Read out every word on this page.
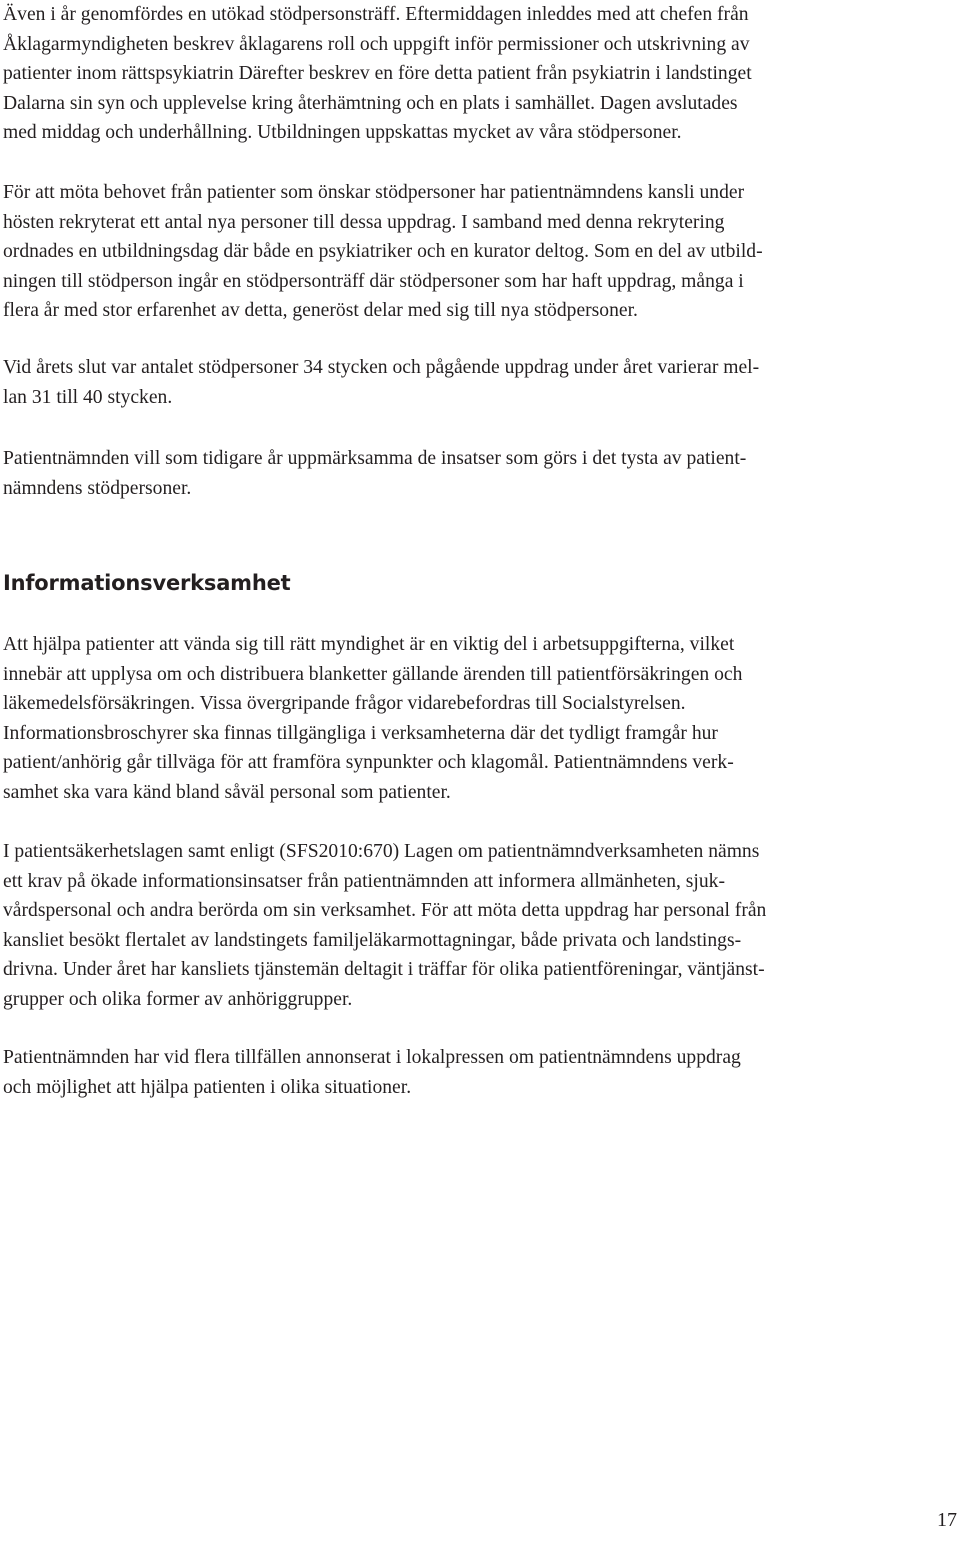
Även i år genomfördes en utökad stödpersonsträff. Eftermiddagen inleddes med att chefen från
Åklagarmyndigheten beskrev åklagarens roll och uppgift inför permissioner och utskrivning av
patienter inom rättspsykiatrin Därefter beskrev en före detta patient från psykiatrin i landstinget
Dalarna sin syn och upplevelse kring återhämtning och en plats i samhället. Dagen avslutades
med middag och underhållning. Utbildningen uppskattas mycket av våra stödpersoner.

För att möta behovet från patienter som önskar stödpersoner har patientnämndens kansli under
hösten rekryterat ett antal nya personer till dessa uppdrag. I samband med denna rekrytering
ordnades en utbildningsdag där både en psykiatriker och en kurator deltog. Som en del av utbild-
ningen till stödperson ingår en stödpersonträff där stödpersoner som har haft uppdrag, många i
flera år med stor erfarenhet av detta, generöst delar med sig till nya stödpersoner.

Vid årets slut var antalet stödpersoner 34 stycken och pågående uppdrag under året varierar mel-
lan 31 till 40 stycken.

Patientnämnden vill som tidigare år uppmärksamma de insatser som görs i det tysta av patient-
nämndens stödpersoner.

Informationsverksamhet

Att hjälpa patienter att vända sig till rätt myndighet är en viktig del i arbetsuppgifterna, vilket
innebär att upplysa om och distribuera blanketter gällande ärenden till patientförsäkringen och
läkemedelsförsäkringen. Vissa övergripande frågor vidarebefordras till Socialstyrelsen.
Informationsbroschyrer ska finnas tillgängliga i verksamheterna där det tydligt framgår hur
patient/anhörig går tillväga för att framföra synpunkter och klagomål. Patientnämndens verk-
samhet ska vara känd bland såväl personal som patienter.

I patientsäkerhetslagen samt enligt (SFS2010:670) Lagen om patientnämndverksamheten nämns
ett krav på ökade informationsinsatser från patientnämnden att informera allmänheten, sjuk-
vårdspersonal och andra berörda om sin verksamhet. För att möta detta uppdrag har personal från
kansliet besökt flertalet av landstingets familjeläkarmottagningar, både privata och landstings-
drivna. Under året har kansliets tjänstemän deltagit i träffar för olika patientföreningar, väntjänst-
grupper och olika former av anhöriggrupper.

Patientnämnden har vid flera tillfällen annonserat i lokalpressen om patientnämndens uppdrag
och möjlighet att hjälpa patienten i olika situationer.

17
